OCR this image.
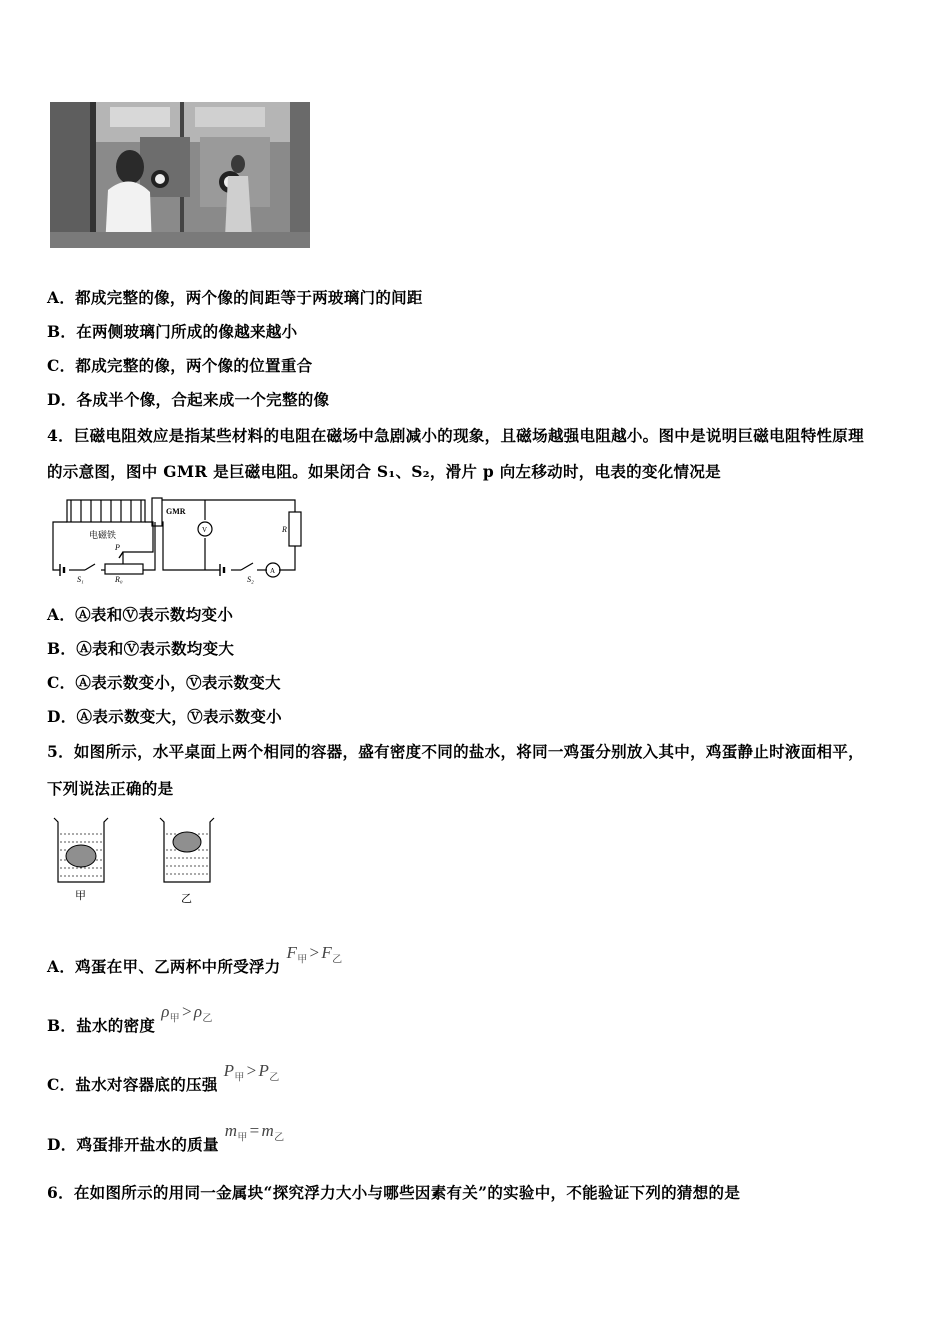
A．都成完整的像，两个像的间距等于两玻璃门的间距
B．在两侧玻璃门所成的像越来越小
C．都成完整的像，两个像的位置重合
D．各成半个像，合起来成一个完整的像
4．巨磁电阻效应是指某些材料的电阻在磁场中急剧减小的现象，且磁场越强电阻越小。图中是说明巨磁电阻特性原理
的示意图，图中 GMR 是巨磁电阻。如果闭合 S₁、S₂，滑片 p 向左移动时，电表的变化情况是
GMR
电磁铁
P
S₁	R₀	S₂
R
V
A
A．Ⓐ表和Ⓥ表示数均变小
B．Ⓐ表和Ⓥ表示数均变大
C．Ⓐ表示数变小，Ⓥ表示数变大
D．Ⓐ表示数变大，Ⓥ表示数变小
5．如图所示，水平桌面上两个相同的容器，盛有密度不同的盐水，将同一鸡蛋分别放入其中，鸡蛋静止时液面相平，
下列说法正确的是
甲	乙
A．鸡蛋在甲、乙两杯中所受浮力$F_甲 > F_乙$
B．盐水的密度$\rho_甲 > \rho_乙$
C．盐水对容器底的压强$P_甲 > P_乙$
D．鸡蛋排开盐水的质量$m_甲 = m_乙$
6．在如图所示的用同一金属块“探究浮力大小与哪些因素有关”的实验中，不能验证下列的猜想的是
